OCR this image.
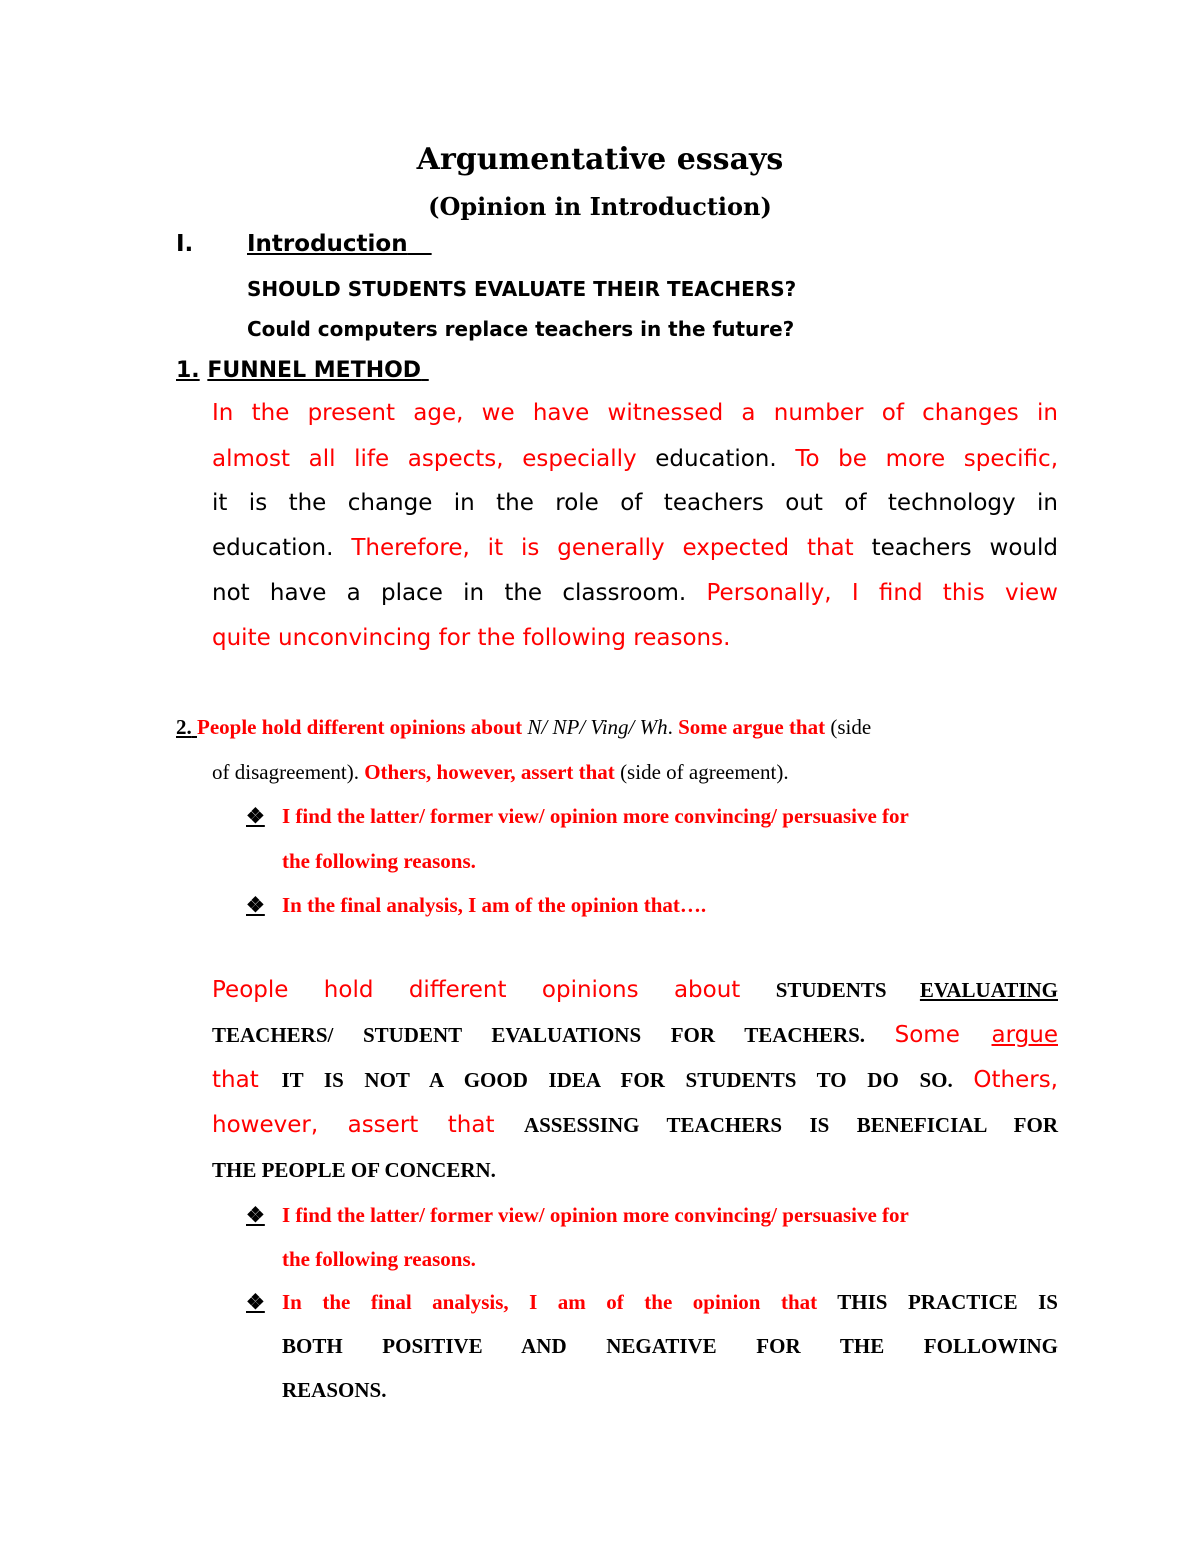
Argumentative essays
(Opinion in Introduction)
I. Introduction
SHOULD STUDENTS EVALUATE THEIR TEACHERS?
Could computers replace teachers in the future?
1. FUNNEL METHOD
In the present age, we have witnessed a number of changes in
almost all life aspects, especially education. To be more specific,
it is the change in the role of teachers out of technology in
education. Therefore, it is generally expected that teachers would
not have a place in the classroom. Personally, I find this view
quite unconvincing for the following reasons.
2. People hold different opinions about N/ NP/ Ving/ Wh. Some argue that (side
of disagreement). Others, however, assert that (side of agreement).
❖ I find the latter/ former view/ opinion more convincing/ persuasive for
the following reasons.
❖ In the final analysis, I am of the opinion that….
People hold different opinions about STUDENTS EVALUATING
TEACHERS/ STUDENT EVALUATIONS FOR TEACHERS. Some argue
that IT IS NOT A GOOD IDEA FOR STUDENTS TO DO SO. Others,
however, assert that ASSESSING TEACHERS IS BENEFICIAL FOR
THE PEOPLE OF CONCERN.
❖ I find the latter/ former view/ opinion more convincing/ persuasive for
the following reasons.
❖ In the final analysis, I am of the opinion that THIS PRACTICE IS
BOTH POSITIVE AND NEGATIVE FOR THE FOLLOWING
REASONS.
